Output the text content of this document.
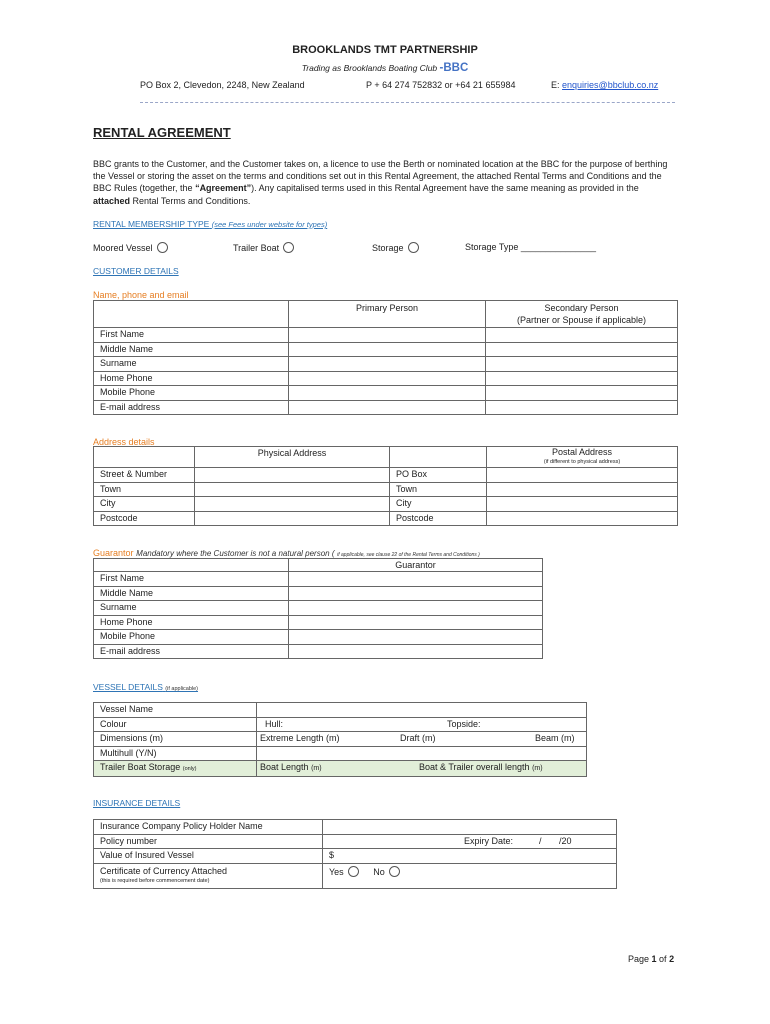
BROOKLANDS TMT PARTNERSHIP
Trading as Brooklands Boating Club -BBC
PO Box 2, Clevedon, 2248, New Zealand	P + 64 274 752832 or +64 21 655984	E: enquiries@bbclub.co.nz
RENTAL AGREEMENT
BBC grants to the Customer, and the Customer takes on, a licence to use the Berth or nominated location at the BBC for the purpose of berthing the Vessel or storing the asset on the terms and conditions set out in this Rental Agreement, the attached Rental Terms and Conditions and the BBC Rules (together, the “Agreement”). Any capitalised terms used in this Rental Agreement have the same meaning as provided in the attached Rental Terms and Conditions.
RENTAL MEMBERSHIP TYPE (see Fees under website for types)
Moored Vessel	Trailer Boat	Storage	Storage Type _______________
CUSTOMER DETAILS
Name, phone and email
	Primary Person	Secondary Person
(Partner or Spouse if applicable)

First Name		
Middle Name		
Surname		
Home Phone		
Mobile Phone		
E-mail address		
Address details
	Physical Address		Postal Address
(if different to physical address)

Street & Number		PO Box	
Town		Town	
City		City	
Postcode		Postcode	
Guarantor Mandatory where the Customer is not a natural person ( if applicable, see clause 22 of the Rental Terms and Conditions )
	Guarantor
First Name	
Middle Name	
Surname	
Home Phone	
Mobile Phone	
E-mail address	
VESSEL DETAILS (if applicable)
Vessel Name	
Colour	Hull: Topside:

Dimensions (m)	Extreme Length (m) Draft (m) Beam (m)

Multihull (Y/N)	
Trailer Boat Storage (only)	Boat Length (m) Boat & Trailer overall length (m)
INSURANCE DETAILS
Insurance Company Policy Holder Name	
Policy number	Expiry Date: / /20

Value of Insured Vessel	$

Certificate of Currency Attached
(this is required before commencement date)	Yes No
Page 1 of 2
